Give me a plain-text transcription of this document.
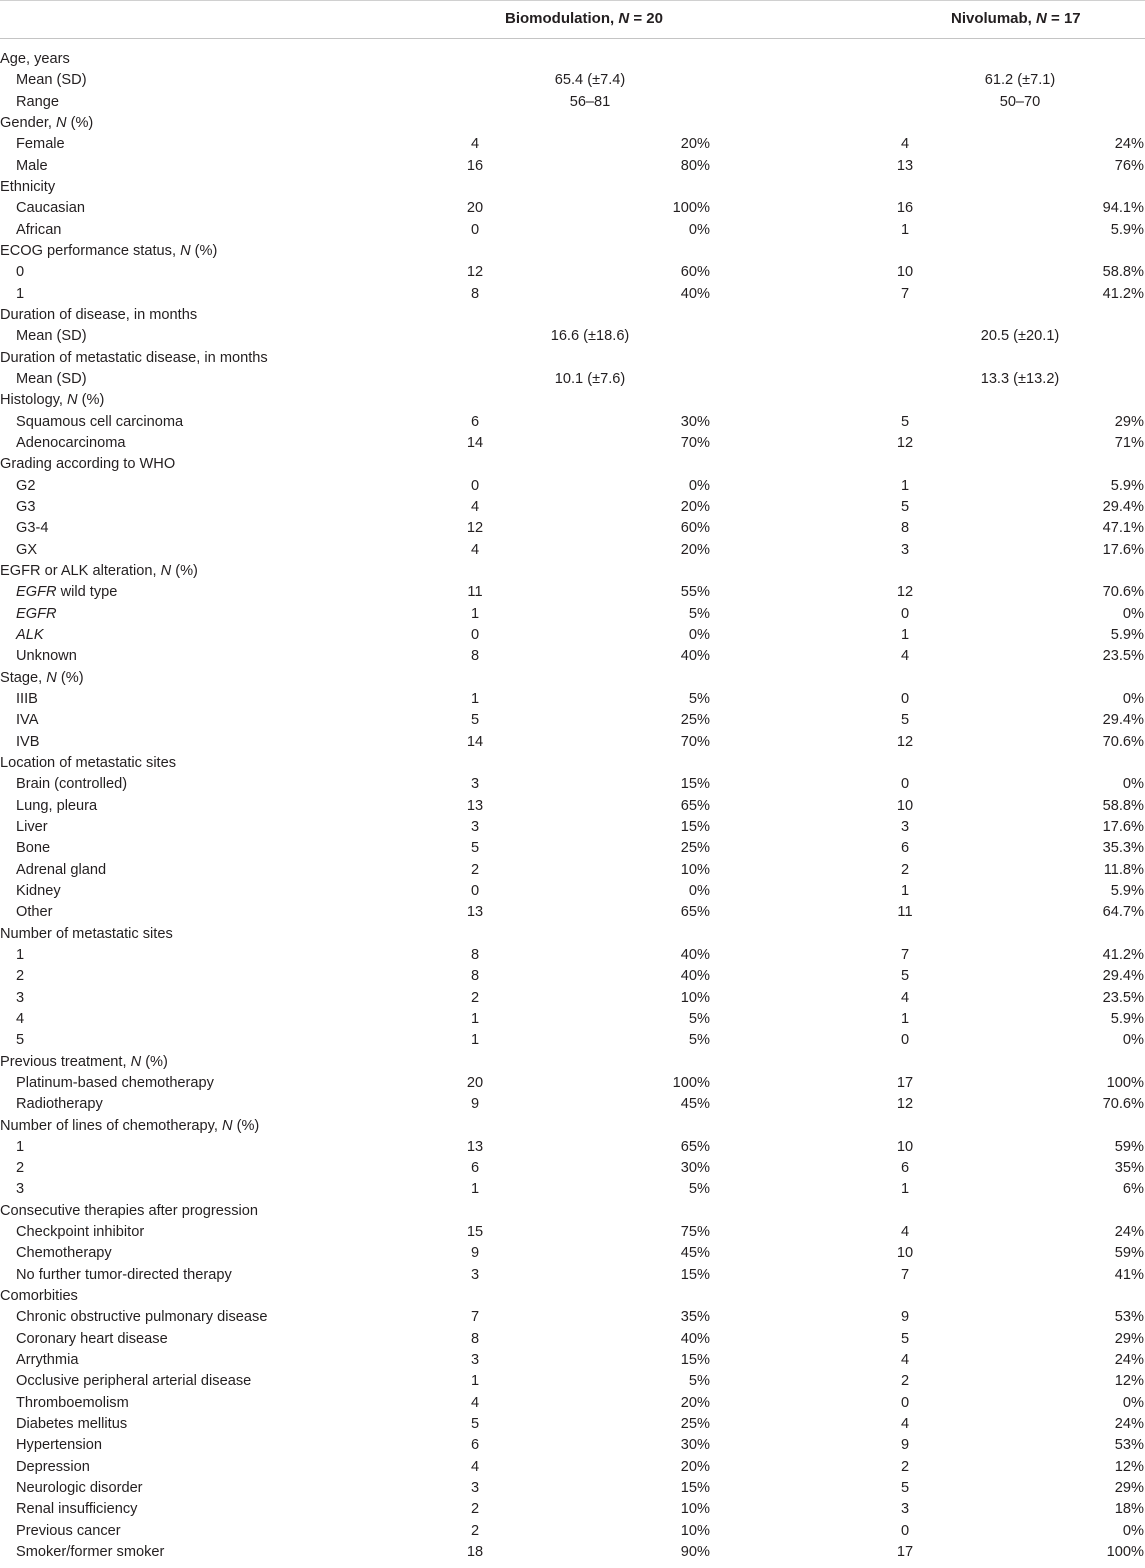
Biomodulation, N = 20	Nivolumab, N = 17
Age, years
Mean (SD)	65.4 (±7.4)	61.2 (±7.1)
Range	56–81	50–70
Gender, N (%)
Female	4	20%	4	24%
Male	16	80%	13	76%
Ethnicity
Caucasian	20	100%	16	94.1%
African	0	0%	1	5.9%
ECOG performance status, N (%)
0	12	60%	10	58.8%
1	8	40%	7	41.2%
Duration of disease, in months
Mean (SD)	16.6 (±18.6)	20.5 (±20.1)
Duration of metastatic disease, in months
Mean (SD)	10.1 (±7.6)	13.3 (±13.2)
Histology, N (%)
Squamous cell carcinoma	6	30%	5	29%
Adenocarcinoma	14	70%	12	71%
Grading according to WHO
G2	0	0%	1	5.9%
G3	4	20%	5	29.4%
G3-4	12	60%	8	47.1%
GX	4	20%	3	17.6%
EGFR or ALK alteration, N (%)
EGFR wild type	11	55%	12	70.6%
EGFR	1	5%	0	0%
ALK	0	0%	1	5.9%
Unknown	8	40%	4	23.5%
Stage, N (%)
IIIB	1	5%	0	0%
IVA	5	25%	5	29.4%
IVB	14	70%	12	70.6%
Location of metastatic sites
Brain (controlled)	3	15%	0	0%
Lung, pleura	13	65%	10	58.8%
Liver	3	15%	3	17.6%
Bone	5	25%	6	35.3%
Adrenal gland	2	10%	2	11.8%
Kidney	0	0%	1	5.9%
Other	13	65%	11	64.7%
Number of metastatic sites
1	8	40%	7	41.2%
2	8	40%	5	29.4%
3	2	10%	4	23.5%
4	1	5%	1	5.9%
5	1	5%	0	0%
Previous treatment, N (%)
Platinum-based chemotherapy	20	100%	17	100%
Radiotherapy	9	45%	12	70.6%
Number of lines of chemotherapy, N (%)
1	13	65%	10	59%
2	6	30%	6	35%
3	1	5%	1	6%
Consecutive therapies after progression
Checkpoint inhibitor	15	75%	4	24%
Chemotherapy	9	45%	10	59%
No further tumor-directed therapy	3	15%	7	41%
Comorbities
Chronic obstructive pulmonary disease	7	35%	9	53%
Coronary heart disease	8	40%	5	29%
Arrythmia	3	15%	4	24%
Occlusive peripheral arterial disease	1	5%	2	12%
Thromboemolism	4	20%	0	0%
Diabetes mellitus	5	25%	4	24%
Hypertension	6	30%	9	53%
Depression	4	20%	2	12%
Neurologic disorder	3	15%	5	29%
Renal insufficiency	2	10%	3	18%
Previous cancer	2	10%	0	0%
Smoker/former smoker	18	90%	17	100%
